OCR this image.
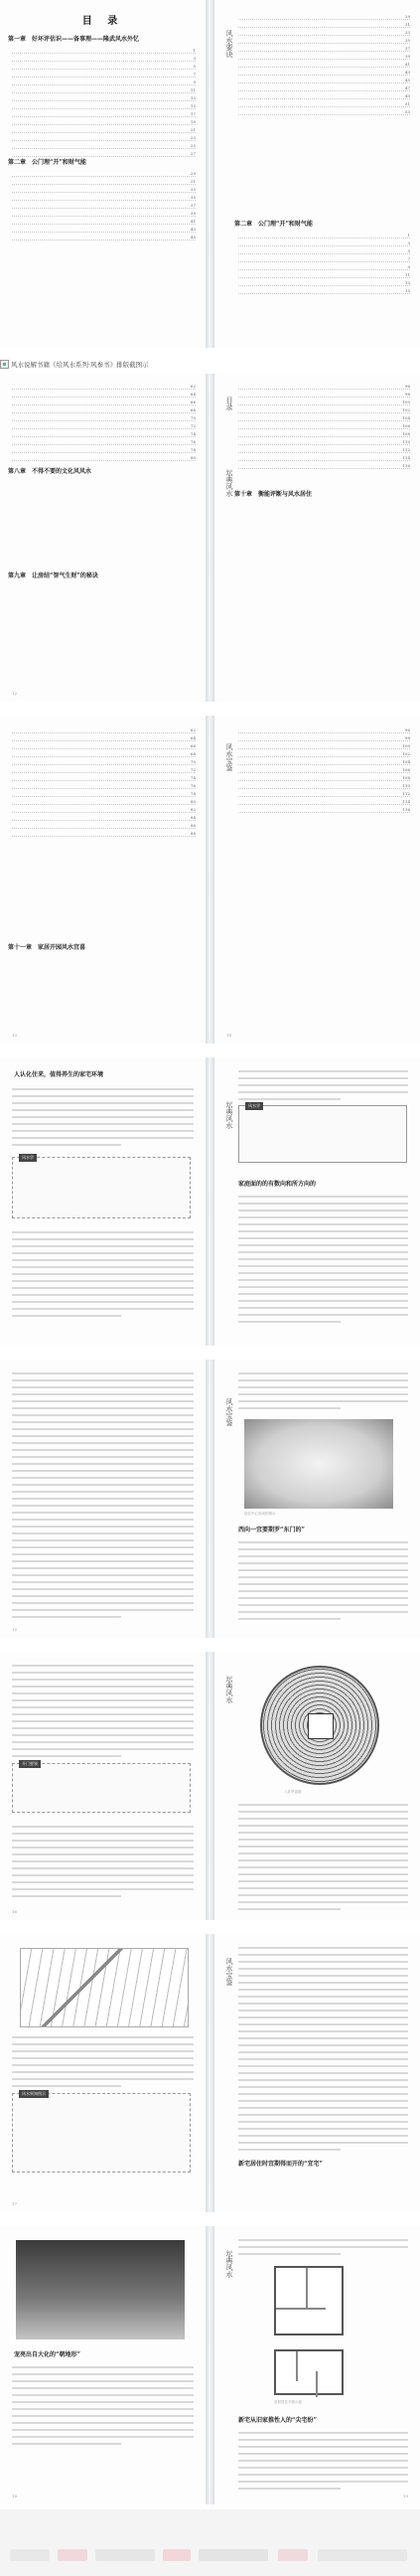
目 录
第一章　好坏评估识——备事理——隆武风水外忆
1
3
5
7
9
11
13
15
17
19
21
23
25
27
第二章　公门理“开”和财气能
29
31
33
35
37
39
41
43
45
风水要诀
29
31
33
35
37
39
41
43
45
47
49
51
53
第二章　公门理“开”和财气能
1
3
5
7
9
11
13
15
风水说解书籍《给风水系列·风参书》排版截图示
62
64
66
68
70
72
74
76
78
80
第八章　不得不要的文化风风水
第九章　让房结“智气生财”的秘诀
12
目录
坛典风水
96
98
100
102
104
106
108
110
112
114
116
第十章　衡能评断与风水居住
62
64
66
68
70
72
74
76
78
80
82
84
86
88
第十一章　家居开园风水宜喜
13
风水宝鉴
96
98
100
102
104
106
108
110
112
114
116
14
人认化住来，值得养生的家宅环境
风水学
坛典风水	风水学
家庭面的的有数向和所方向的
15
风水宝鉴
居住中心形成的图示
西向一宜要期罗“东门的”
开门要领
16
坛典风水
八卦罗盘图
风水须知图示
17
风水宝鉴
新宅居住时宜期得而开的“宜宅”
宠亮出自大化的“朝地形”
18
坛典风水
房屋居住平面示意
新宅从旧家推性人的“尖宅纷”
19
